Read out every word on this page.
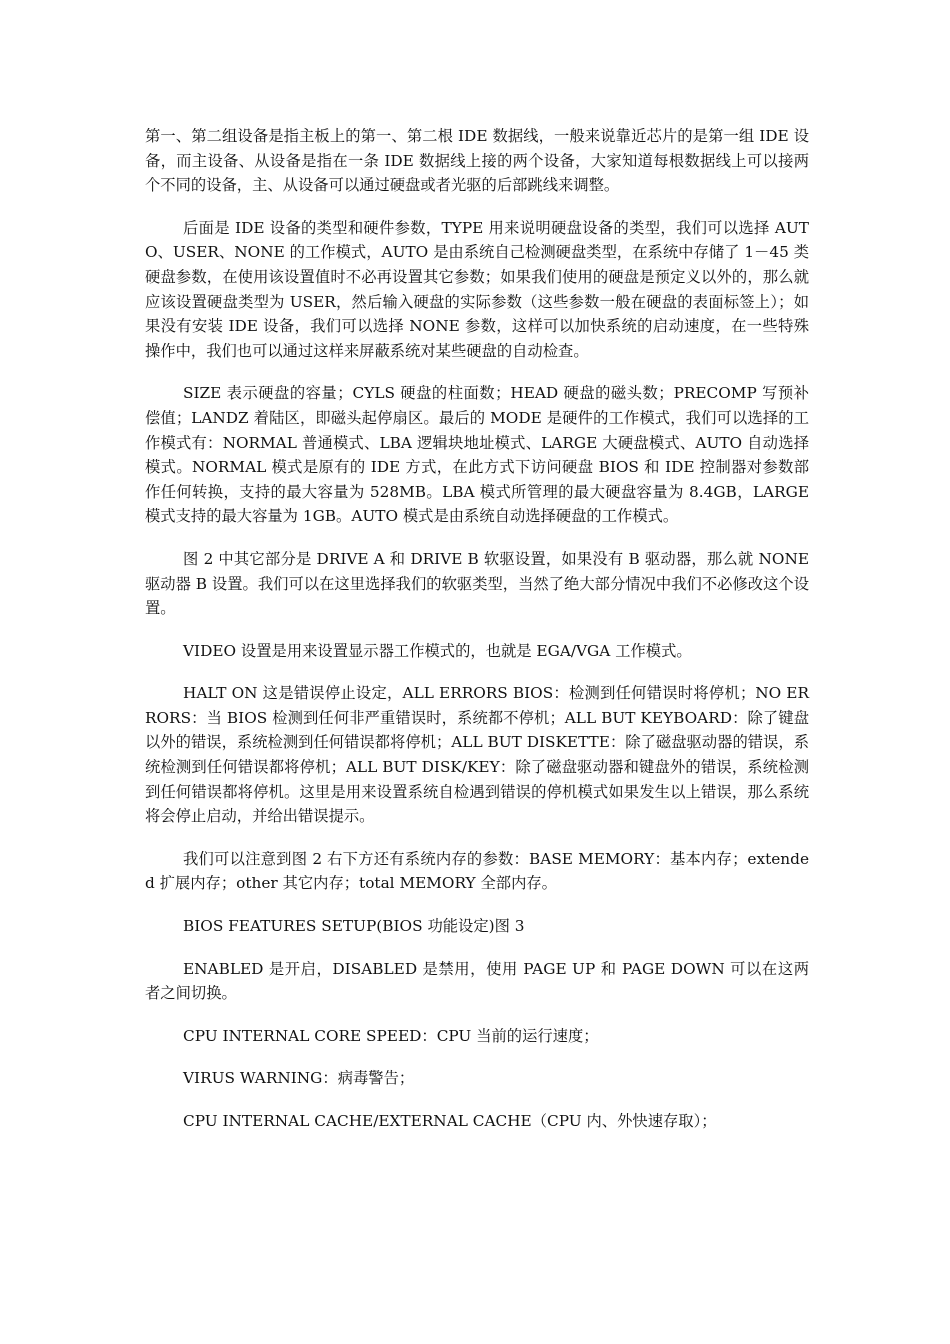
第一、第二组设备是指主板上的第一、第二根 IDE 数据线，一般来说靠近芯片的是第一组 IDE 设备，而主设备、从设备是指在一条 IDE 数据线上接的两个设备，大家知道每根数据线上可以接两个不同的设备，主、从设备可以通过硬盘或者光驱的后部跳线来调整。

后面是 IDE 设备的类型和硬件参数，TYPE 用来说明硬盘设备的类型，我们可以选择 AUTO、USER、NONE 的工作模式，AUTO 是由系统自己检测硬盘类型，在系统中存储了 1－45 类硬盘参数，在使用该设置值时不必再设置其它参数；如果我们使用的硬盘是预定义以外的，那么就应该设置硬盘类型为 USER，然后输入硬盘的实际参数（这些参数一般在硬盘的表面标签上）；如果没有安装 IDE 设备，我们可以选择 NONE 参数，这样可以加快系统的启动速度，在一些特殊操作中，我们也可以通过这样来屏蔽系统对某些硬盘的自动检查。

SIZE 表示硬盘的容量；CYLS 硬盘的柱面数；HEAD 硬盘的磁头数；PRECOMP 写预补偿值；LANDZ 着陆区，即磁头起停扇区。最后的 MODE 是硬件的工作模式，我们可以选择的工作模式有：NORMAL 普通模式、LBA 逻辑块地址模式、LARGE 大硬盘模式、AUTO 自动选择模式。NORMAL 模式是原有的 IDE 方式，在此方式下访问硬盘 BIOS 和 IDE 控制器对参数部作任何转换，支持的最大容量为 528MB。LBA 模式所管理的最大硬盘容量为 8.4GB，LARGE 模式支持的最大容量为 1GB。AUTO 模式是由系统自动选择硬盘的工作模式。

图 2 中其它部分是 DRIVE A 和 DRIVE B 软驱设置，如果没有 B 驱动器，那么就 NONE 驱动器 B 设置。我们可以在这里选择我们的软驱类型，当然了绝大部分情况中我们不必修改这个设置。

VIDEO 设置是用来设置显示器工作模式的，也就是 EGA/VGA 工作模式。

HALT ON 这是错误停止设定，ALL ERRORS BIOS：检测到任何错误时将停机；NO ERRORS：当 BIOS 检测到任何非严重错误时，系统都不停机；ALL BUT KEYBOARD：除了键盘以外的错误，系统检测到任何错误都将停机；ALL BUT DISKETTE：除了磁盘驱动器的错误，系统检测到任何错误都将停机；ALL BUT DISK/KEY：除了磁盘驱动器和键盘外的错误，系统检测到任何错误都将停机。这里是用来设置系统自检遇到错误的停机模式如果发生以上错误，那么系统将会停止启动，并给出错误提示。

我们可以注意到图 2 右下方还有系统内存的参数：BASE MEMORY：基本内存；extended 扩展内存；other 其它内存；total MEMORY 全部内存。

BIOS FEATURES SETUP(BIOS 功能设定)图 3

ENABLED 是开启，DISABLED 是禁用，使用 PAGE UP 和 PAGE DOWN 可以在这两者之间切换。

CPU INTERNAL CORE SPEED：CPU 当前的运行速度；

VIRUS WARNING：病毒警告；

CPU INTERNAL CACHE/EXTERNAL CACHE（CPU 内、外快速存取）；
